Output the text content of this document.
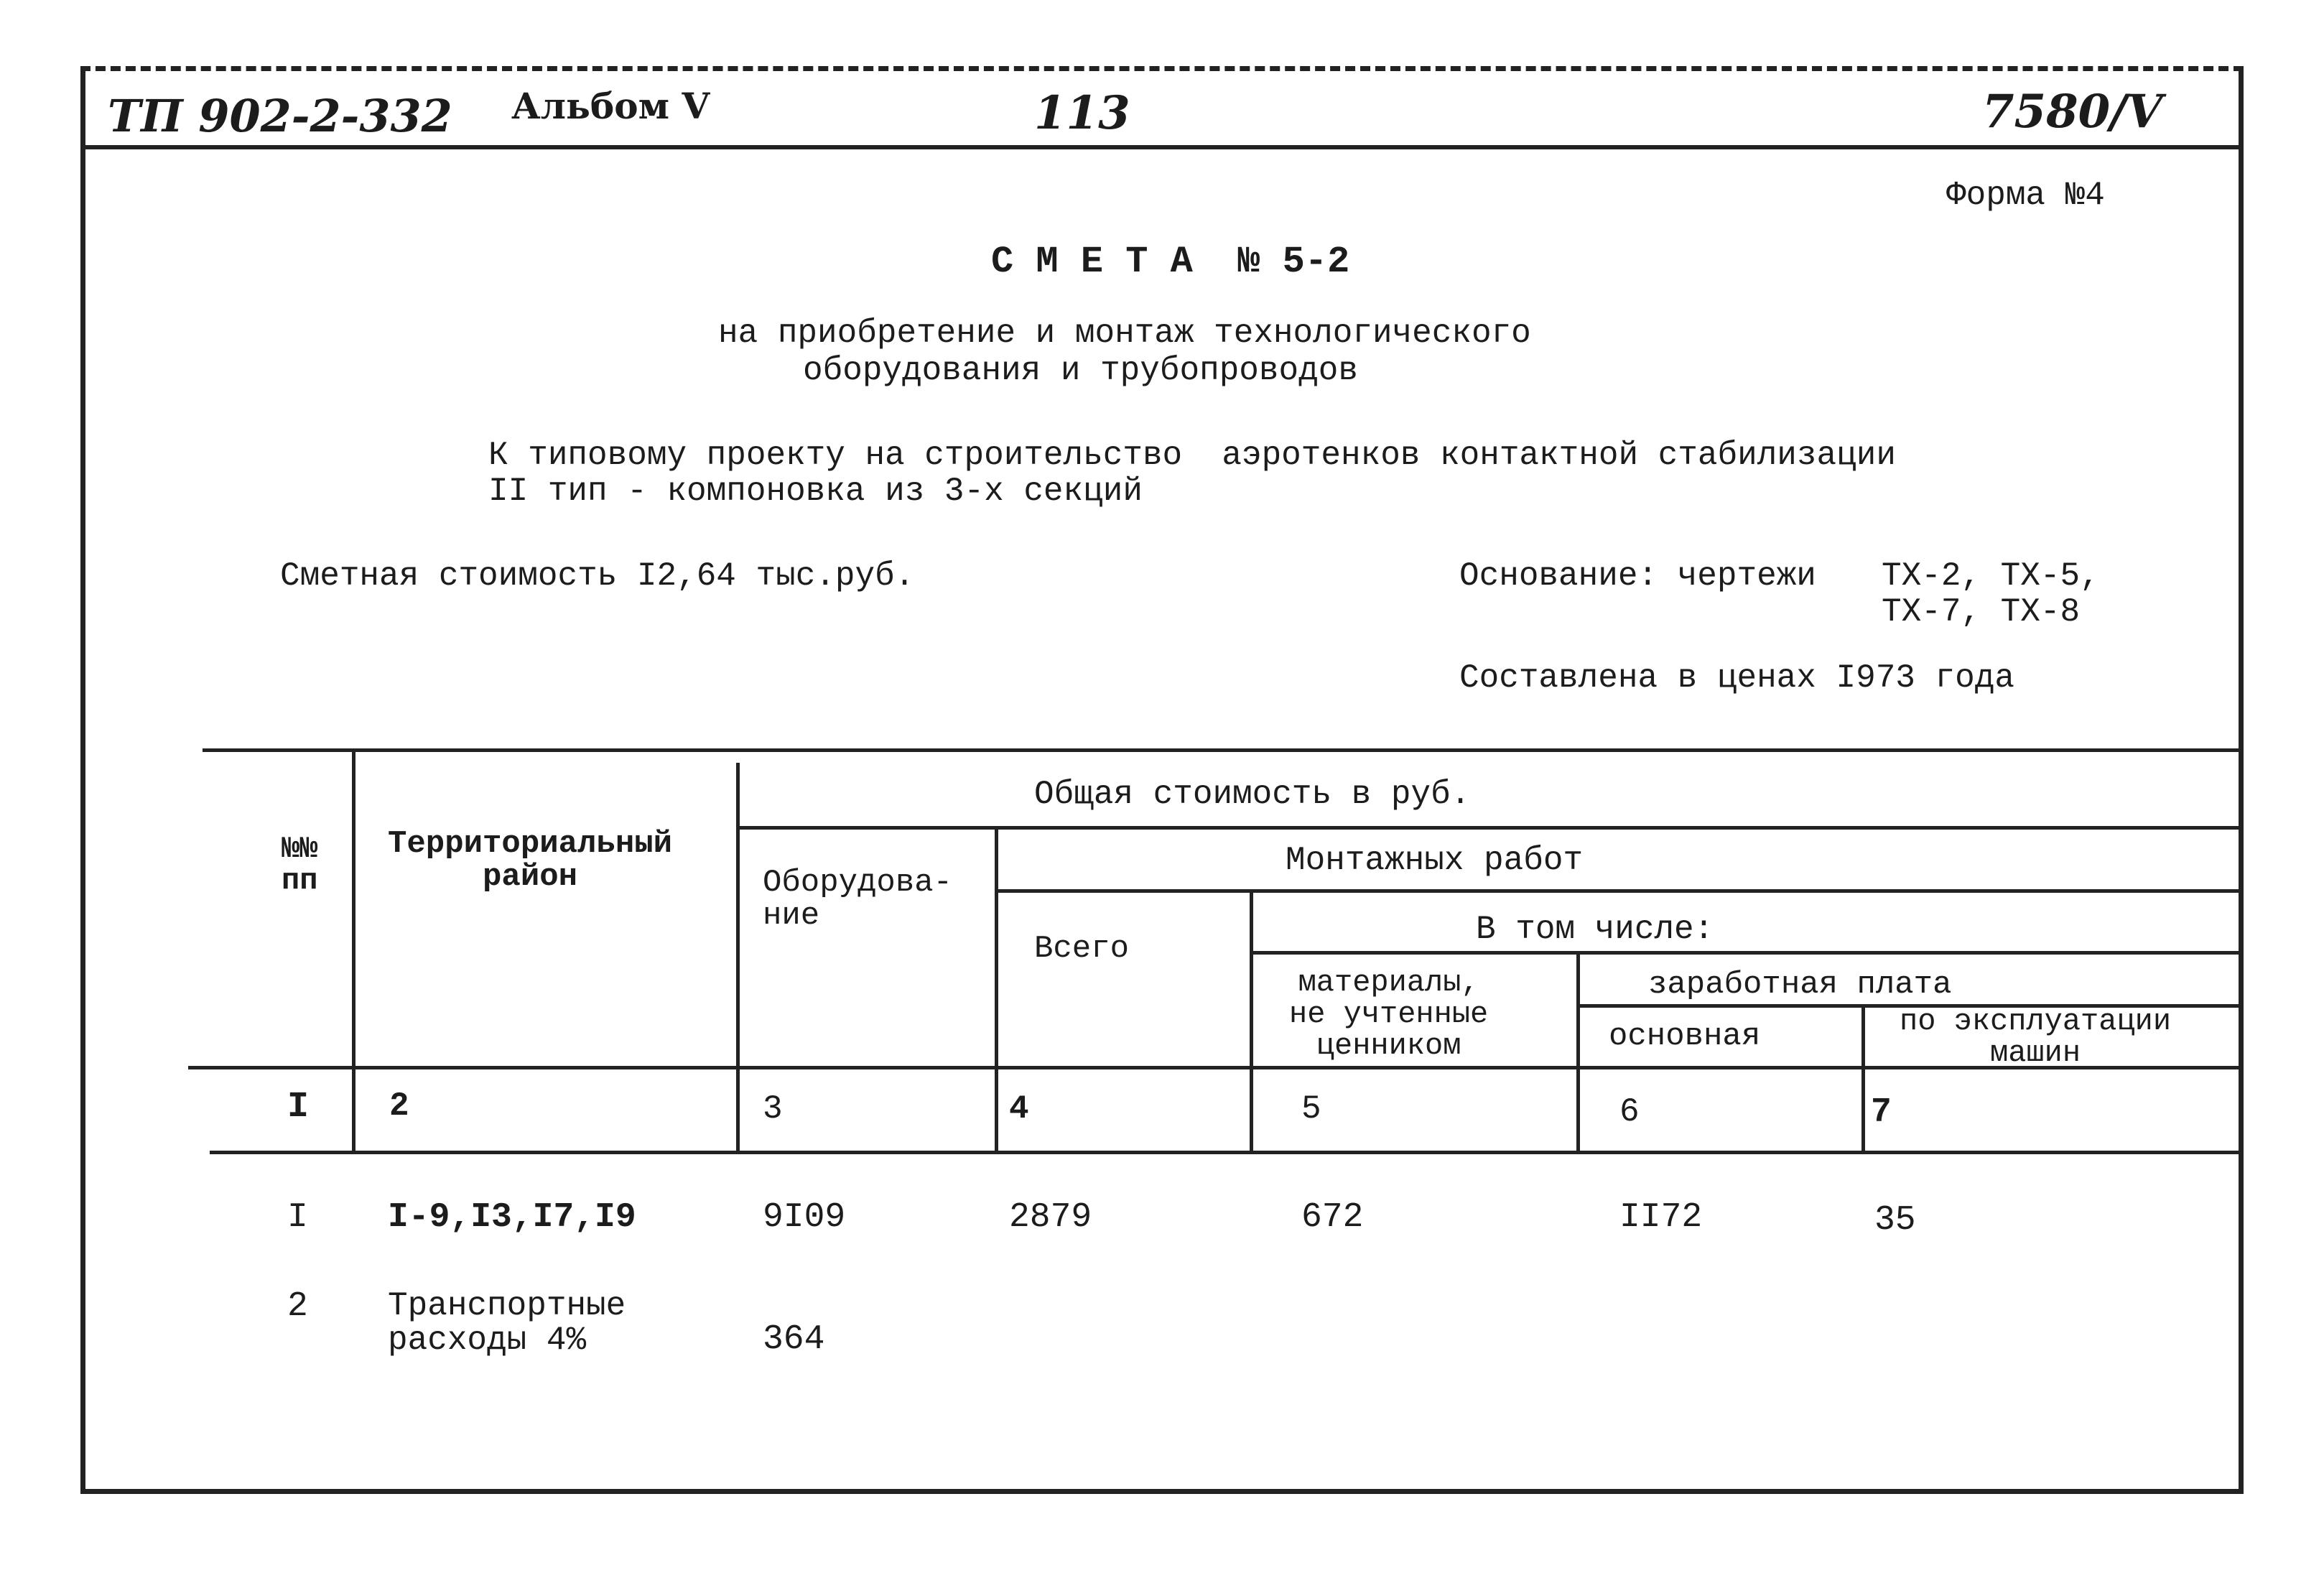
ТП 902-2-332 Альбом V	113	7580/V
Форма №4
С М Е Т А  № 5-2
на приобретение и монтаж технологического
оборудования и трубопроводов
К типовому проекту на строительство  аэротенков контактной стабилизации
II тип - компоновка из 3-х секций
Сметная стоимость I2,64 тыс.руб.	Основание: чертежи ТХ-2, ТХ-5,
ТХ-7, ТХ-8
Составлена в ценах I973 года
№№
пп
Территориальный
район
Общая стоимость в руб.
Оборудова-
ние
Монтажных работ
Всего
В том числе:
материалы,
не учтенные
ценником
заработная плата
основная	по эксплуатации
машин
I 2	3	4	5	6	7
I I-9,I3,I7,I9	9I09	2879	672	II72	35
2 Транспортные
расходы 4%	364
